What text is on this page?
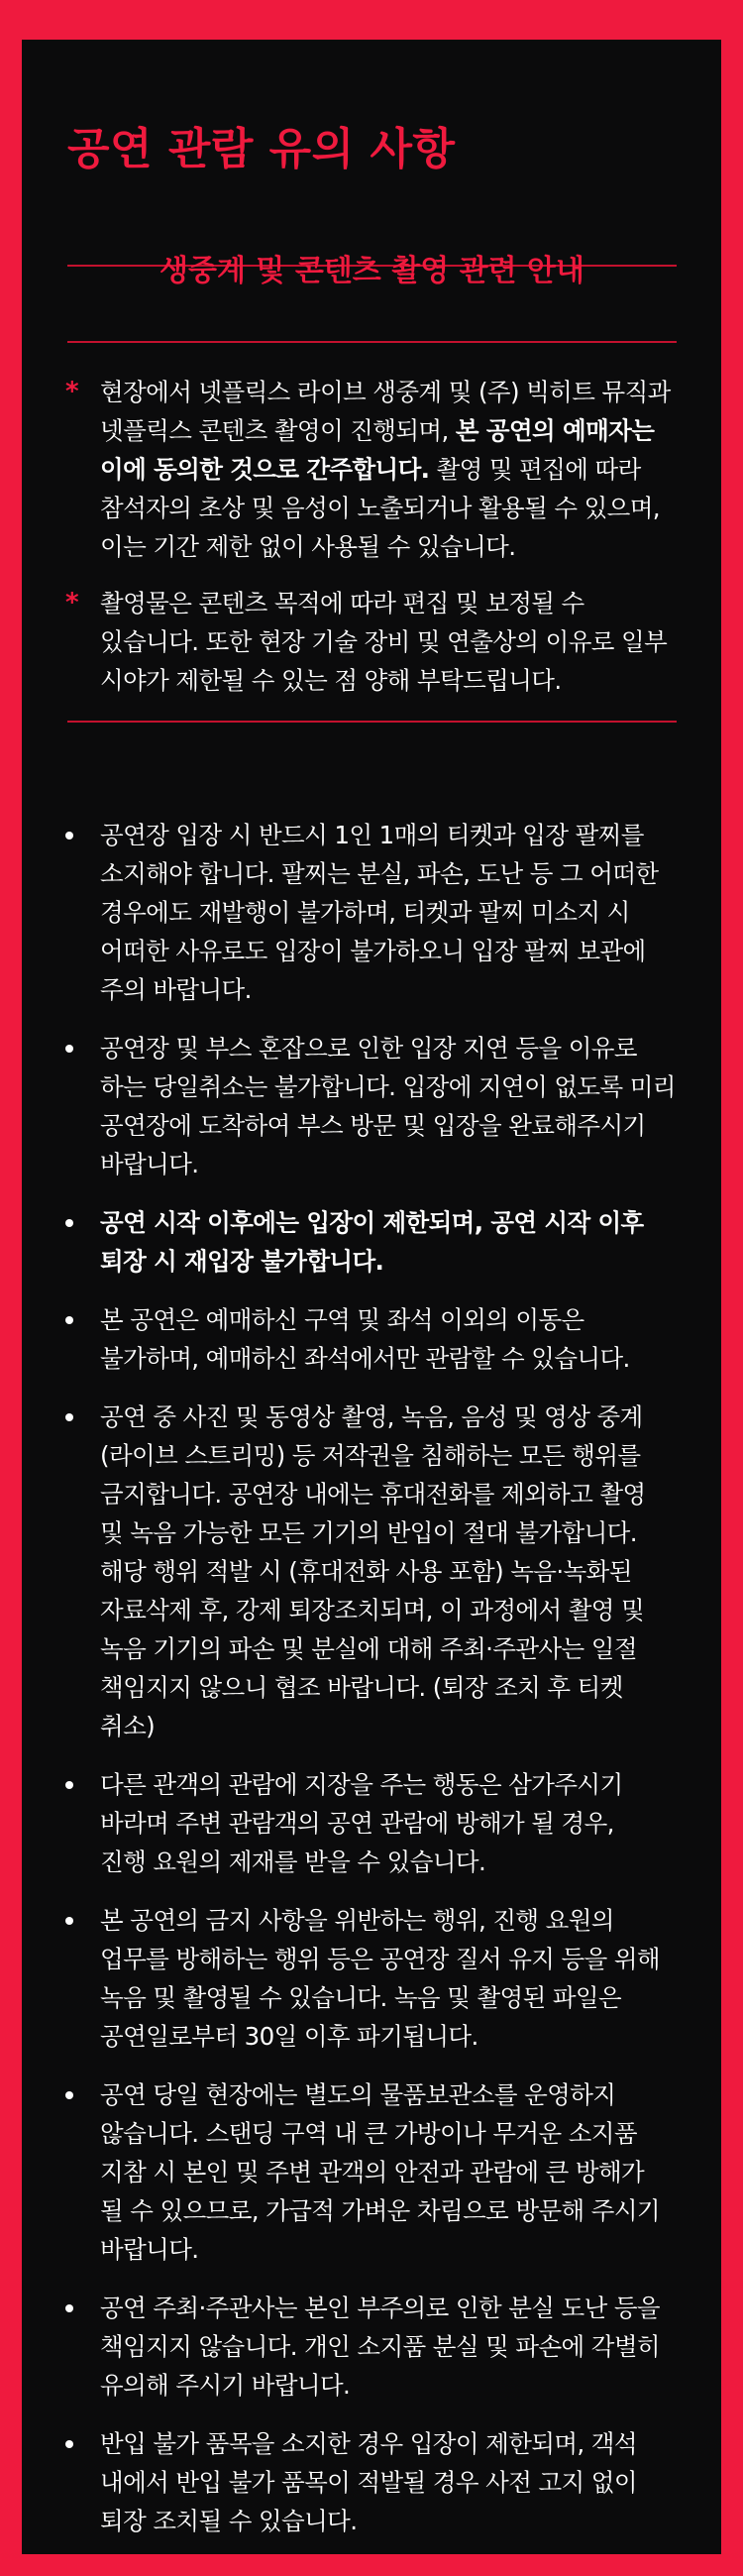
공연 관람 유의 사항
생중계 및 콘텐츠 촬영 관련 안내
* 현장에서 넷플릭스 라이브 생중계 및 (주) 빅히트 뮤직과
넷플릭스 콘텐츠 촬영이 진행되며, 본 공연의 예매자는
이에 동의한 것으로 간주합니다. 촬영 및 편집에 따라
참석자의 초상 및 음성이 노출되거나 활용될 수 있으며,
이는 기간 제한 없이 사용될 수 있습니다.
* 촬영물은 콘텐츠 목적에 따라 편집 및 보정될 수
있습니다. 또한 현장 기술 장비 및 연출상의 이유로 일부
시야가 제한될 수 있는 점 양해 부탁드립니다.
공연장 입장 시 반드시 1인 1매의 티켓과 입장 팔찌를
소지해야 합니다. 팔찌는 분실, 파손, 도난 등 그 어떠한
경우에도 재발행이 불가하며, 티켓과 팔찌 미소지 시
어떠한 사유로도 입장이 불가하오니 입장 팔찌 보관에
주의 바랍니다.
공연장 및 부스 혼잡으로 인한 입장 지연 등을 이유로
하는 당일취소는 불가합니다. 입장에 지연이 없도록 미리
공연장에 도착하여 부스 방문 및 입장을 완료해주시기
바랍니다.
공연 시작 이후에는 입장이 제한되며, 공연 시작 이후
퇴장 시 재입장 불가합니다.
본 공연은 예매하신 구역 및 좌석 이외의 이동은
불가하며, 예매하신 좌석에서만 관람할 수 있습니다.
공연 중 사진 및 동영상 촬영, 녹음, 음성 및 영상 중계
(라이브 스트리밍) 등 저작권을 침해하는 모든 행위를
금지합니다. 공연장 내에는 휴대전화를 제외하고 촬영
및 녹음 가능한 모든 기기의 반입이 절대 불가합니다.
해당 행위 적발 시 (휴대전화 사용 포함) 녹음·녹화된
자료삭제 후, 강제 퇴장조치되며, 이 과정에서 촬영 및
녹음 기기의 파손 및 분실에 대해 주최·주관사는 일절
책임지지 않으니 협조 바랍니다. (퇴장 조치 후 티켓
취소)
다른 관객의 관람에 지장을 주는 행동은 삼가주시기
바라며 주변 관람객의 공연 관람에 방해가 될 경우,
진행 요원의 제재를 받을 수 있습니다.
본 공연의 금지 사항을 위반하는 행위, 진행 요원의
업무를 방해하는 행위 등은 공연장 질서 유지 등을 위해
녹음 및 촬영될 수 있습니다. 녹음 및 촬영된 파일은
공연일로부터 30일 이후 파기됩니다.
공연 당일 현장에는 별도의 물품보관소를 운영하지
않습니다. 스탠딩 구역 내 큰 가방이나 무거운 소지품
지참 시 본인 및 주변 관객의 안전과 관람에 큰 방해가
될 수 있으므로, 가급적 가벼운 차림으로 방문해 주시기
바랍니다.
공연 주최·주관사는 본인 부주의로 인한 분실 도난 등을
책임지지 않습니다. 개인 소지품 분실 및 파손에 각별히
유의해 주시기 바랍니다.
반입 불가 품목을 소지한 경우 입장이 제한되며, 객석
내에서 반입 불가 품목이 적발될 경우 사전 고지 없이
퇴장 조치될 수 있습니다.
